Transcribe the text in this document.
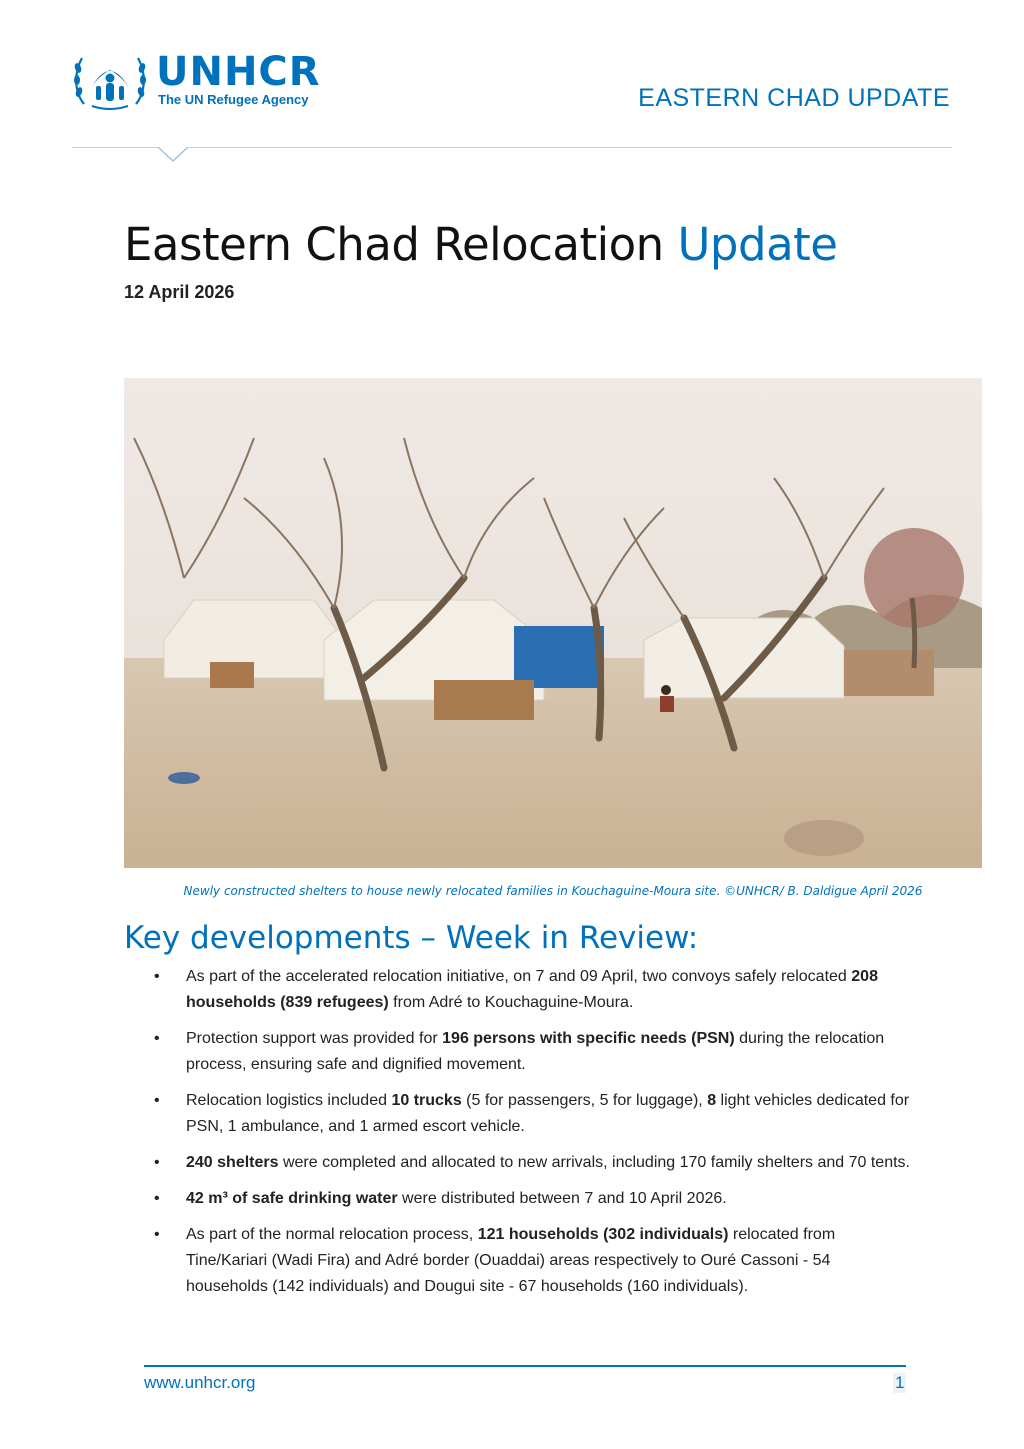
UNHCR
The UN Refugee Agency	EASTERN CHAD UPDATE
Eastern Chad Relocation Update
12 April 2026
Newly constructed shelters to house newly relocated families in Kouchaguine-Moura site. ©UNHCR/ B. Daldigue April 2026
Key developments – Week in Review:
• As part of the accelerated relocation initiative, on 7 and 09 April, two convoys safely relocated 208 households (839 refugees) from Adré to Kouchaguine-Moura.
• Protection support was provided for 196 persons with specific needs (PSN) during the relocation process, ensuring safe and dignified movement.
• Relocation logistics included 10 trucks (5 for passengers, 5 for luggage), 8 light vehicles dedicated for PSN, 1 ambulance, and 1 armed escort vehicle.
• 240 shelters were completed and allocated to new arrivals, including 170 family shelters and 70 tents.
• 42 m³ of safe drinking water were distributed between 7 and 10 April 2026.
• As part of the normal relocation process, 121 households (302 individuals) relocated from Tine/Kariari (Wadi Fira) and Adré border (Ouaddai) areas respectively to Ouré Cassoni - 54 households (142 individuals) and Dougui site - 67 households (160 individuals).
www.unhcr.org	1
